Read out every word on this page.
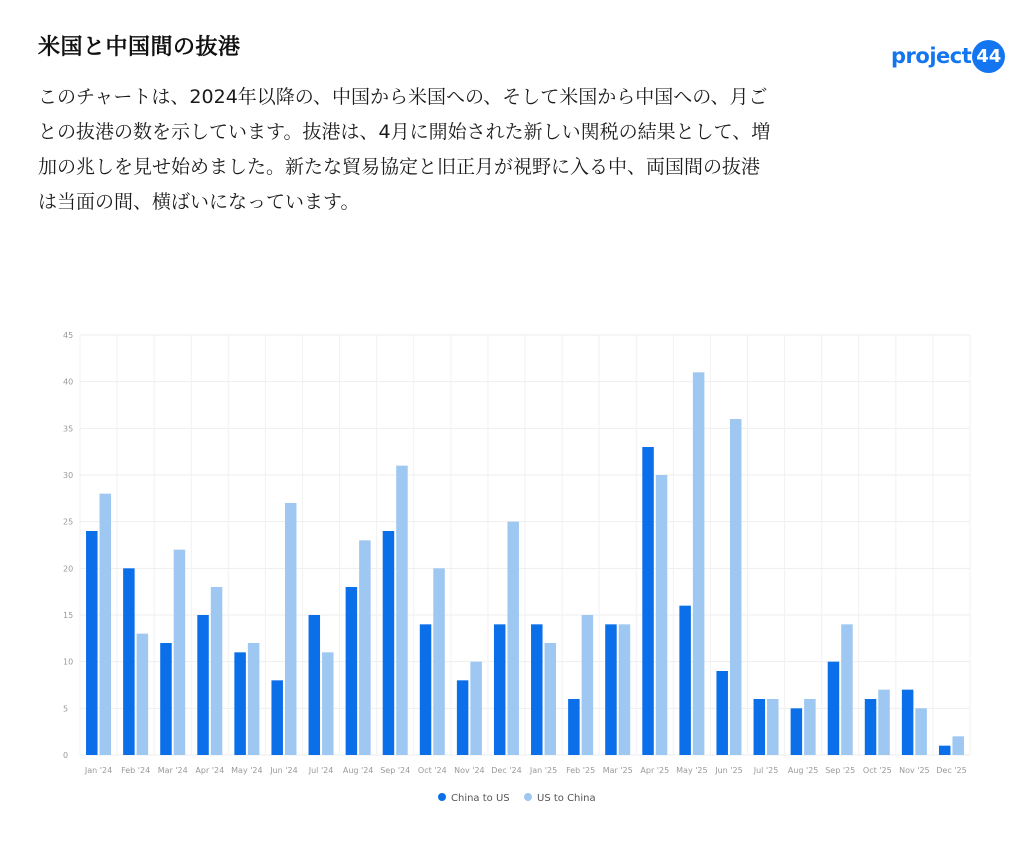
米国と中国間の抜港
このチャートは、2024年以降の、中国から米国への、そして米国から中国への、月ごとの抜港の数を示しています。抜港は、4月に開始された新しい関税の結果として、増加の兆しを見せ始めました。新たな貿易協定と旧正月が視野に入る中、両国間の抜港は当面の間、横ばいになっています。
project 44
0
5
10
15
20
25
30
35
40
45
Jan '24 Feb '24 Mar '24 Apr '24 May '24 Jun '24 Jul '24 Aug '24 Sep '24 Oct '24 Nov '24 Dec '24 Jan '25 Feb '25 Mar '25 Apr '25 May '25 Jun '25 Jul '25 Aug '25 Sep '25 Oct '25 Nov '25 Dec '25
China to US	US to China
